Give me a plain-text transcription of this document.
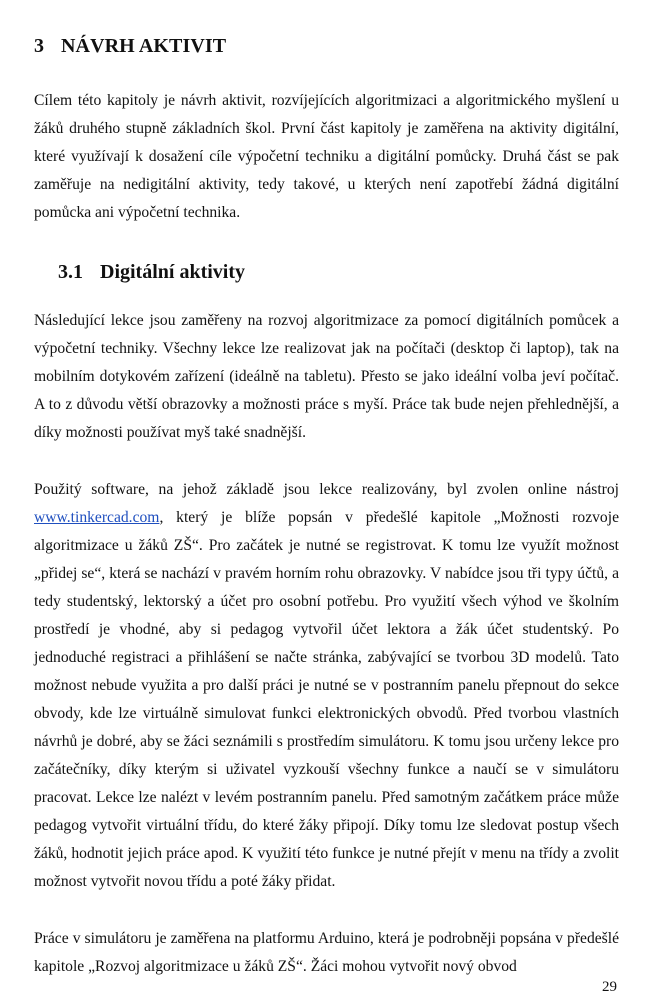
3 NÁVRH AKTIVIT

Cílem této kapitoly je návrh aktivit, rozvíjejících algoritmizaci a algoritmického myšlení u žáků druhého stupně základních škol. První část kapitoly je zaměřena na aktivity digitální, které využívají k dosažení cíle výpočetní techniku a digitální pomůcky. Druhá část se pak zaměřuje na nedigitální aktivity, tedy takové, u kterých není zapotřebí žádná digitální pomůcka ani výpočetní technika.

3.1 Digitální aktivity

Následující lekce jsou zaměřeny na rozvoj algoritmizace za pomocí digitálních pomůcek a výpočetní techniky. Všechny lekce lze realizovat jak na počítači (desktop či laptop), tak na mobilním dotykovém zařízení (ideálně na tabletu). Přesto se jako ideální volba jeví počítač. A to z důvodu větší obrazovky a možnosti práce s myší. Práce tak bude nejen přehlednější, a díky možnosti používat myš také snadnější.

Použitý software, na jehož základě jsou lekce realizovány, byl zvolen online nástroj www.tinkercad.com, který je blíže popsán v předešlé kapitole „Možnosti rozvoje algoritmizace u žáků ZŠ“. Pro začátek je nutné se registrovat. K tomu lze využít možnost „přidej se“, která se nachází v pravém horním rohu obrazovky. V nabídce jsou tři typy účtů, a tedy studentský, lektorský a účet pro osobní potřebu. Pro využití všech výhod ve školním prostředí je vhodné, aby si pedagog vytvořil účet lektora a žák účet studentský. Po jednoduché registraci a přihlášení se načte stránka, zabývající se tvorbou 3D modelů. Tato možnost nebude využita a pro další práci je nutné se v postranním panelu přepnout do sekce obvody, kde lze virtuálně simulovat funkci elektronických obvodů. Před tvorbou vlastních návrhů je dobré, aby se žáci seznámili s prostředím simulátoru. K tomu jsou určeny lekce pro začátečníky, díky kterým si uživatel vyzkouší všechny funkce a naučí se v simulátoru pracovat. Lekce lze nalézt v levém postranním panelu. Před samotným začátkem práce může pedagog vytvořit virtuální třídu, do které žáky připojí. Díky tomu lze sledovat postup všech žáků, hodnotit jejich práce apod. K využití této funkce je nutné přejít v menu na třídy a zvolit možnost vytvořit novou třídu a poté žáky přidat.

Práce v simulátoru je zaměřena na platformu Arduino, která je podrobněji popsána v předešlé kapitole „Rozvoj algoritmizace u žáků ZŠ“. Žáci mohou vytvořit nový obvod

29
